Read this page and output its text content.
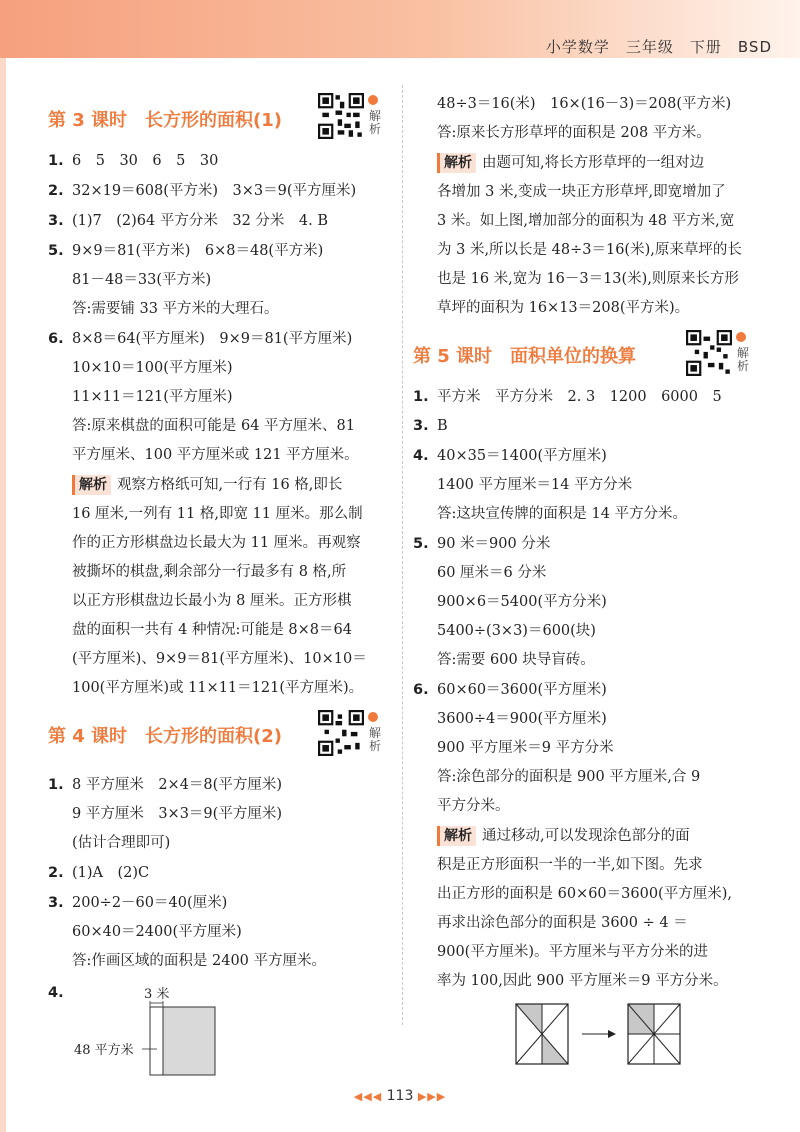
小学数学　三年级　下册　BSD
第 3 课时　长方形的面积(1)	解析
1. 6　5　30　6　5　30
2. 32×19＝608(平方米)　3×3＝9(平方厘米)
3. (1)7　(2)64 平方分米　32 分米　4. B
5. 9×9＝81(平方米)　6×8＝48(平方米)
81－48＝33(平方米)
答:需要铺 33 平方米的大理石。
6. 8×8＝64(平方厘米)　9×9＝81(平方厘米)
10×10＝100(平方厘米)
11×11＝121(平方厘米)
答:原来棋盘的面积可能是 64 平方厘米、81
平方厘米、100 平方厘米或 121 平方厘米。
解析 观察方格纸可知,一行有 16 格,即长
16 厘米,一列有 11 格,即宽 11 厘米。那么制
作的正方形棋盘边长最大为 11 厘米。再观察
被撕坏的棋盘,剩余部分一行最多有 8 格,所
以正方形棋盘边长最小为 8 厘米。正方形棋
盘的面积一共有 4 种情况:可能是 8×8＝64
(平方厘米)、9×9＝81(平方厘米)、10×10＝
100(平方厘米)或 11×11＝121(平方厘米)。
第 4 课时　长方形的面积(2)	解析
1. 8 平方厘米　2×4＝8(平方厘米)
9 平方厘米　3×3＝9(平方厘米)
(估计合理即可)
2. (1)A　(2)C
3. 200÷2－60＝40(厘米)
60×40＝2400(平方厘米)
答:作画区域的面积是 2400 平方厘米。
4.	3 米
48 平方米
48÷3＝16(米)　16×(16－3)＝208(平方米)
答:原来长方形草坪的面积是 208 平方米。
解析 由题可知,将长方形草坪的一组对边
各增加 3 米,变成一块正方形草坪,即宽增加了
3 米。如上图,增加部分的面积为 48 平方米,宽
为 3 米,所以长是 48÷3＝16(米),原来草坪的长
也是 16 米,宽为 16－3＝13(米),则原来长方形
草坪的面积为 16×13＝208(平方米)。
第 5 课时　面积单位的换算	解析
1. 平方米　平方分米　2. 3　1200　6000　5
3. B
4. 40×35＝1400(平方厘米)
1400 平方厘米＝14 平方分米
答:这块宣传牌的面积是 14 平方分米。
5. 90 米＝900 分米
60 厘米＝6 分米
900×6＝5400(平方分米)
5400÷(3×3)＝600(块)
答:需要 600 块导盲砖。
6. 60×60＝3600(平方厘米)
3600÷4＝900(平方厘米)
900 平方厘米＝9 平方分米
答:涂色部分的面积是 900 平方厘米,合 9
平方分米。
解析 通过移动,可以发现涂色部分的面
积是正方形面积一半的一半,如下图。先求
出正方形的面积是 60×60＝3600(平方厘米),
再求出涂色部分的面积是 3600 ÷ 4 ＝
900(平方厘米)。平方厘米与平方分米的进
率为 100,因此 900 平方厘米＝9 平方分米。
◀◀◀ 113 ▶▶▶
